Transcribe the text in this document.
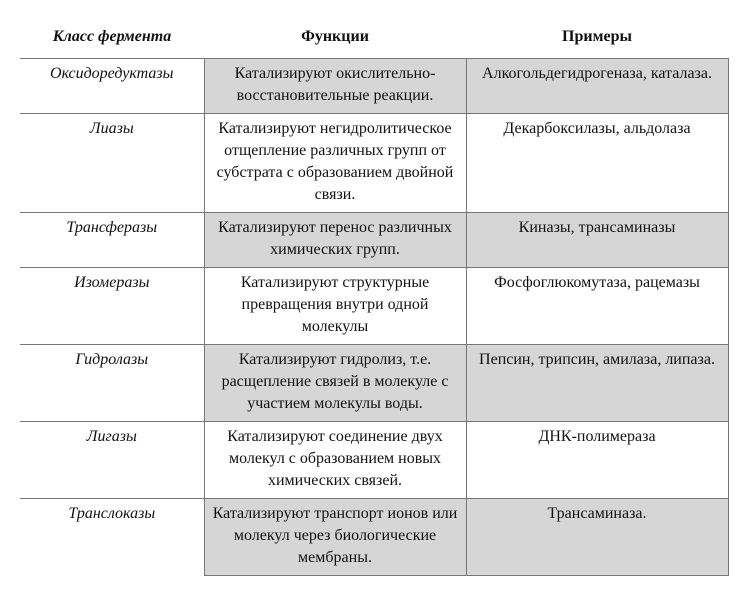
Класс фермента	Функции	Примеры
Оксидоредуктазы	Катализируют окислительно-восстановительные реакции.	Алкогольдегидрогеназа, каталаза.
Лиазы	Катализируют негидролитическое отщепление различных групп от субстрата с образованием двойной связи.	Декарбоксилазы, альдолаза
Трансферазы	Катализируют перенос различных химических групп.	Киназы, трансаминазы
Изомеразы	Катализируют структурные превращения внутри одной молекулы	Фосфоглюкомутаза, рацемазы
Гидролазы	Катализируют гидролиз, т.е. расщепление связей в молекуле с участием молекулы воды.	Пепсин, трипсин, амилаза, липаза.
Лигазы	Катализируют соединение двух молекул с образованием новых химических связей.	ДНК-полимераза
Транслоказы	Катализируют транспорт ионов или молекул через биологические мембраны.	Трансаминаза.
